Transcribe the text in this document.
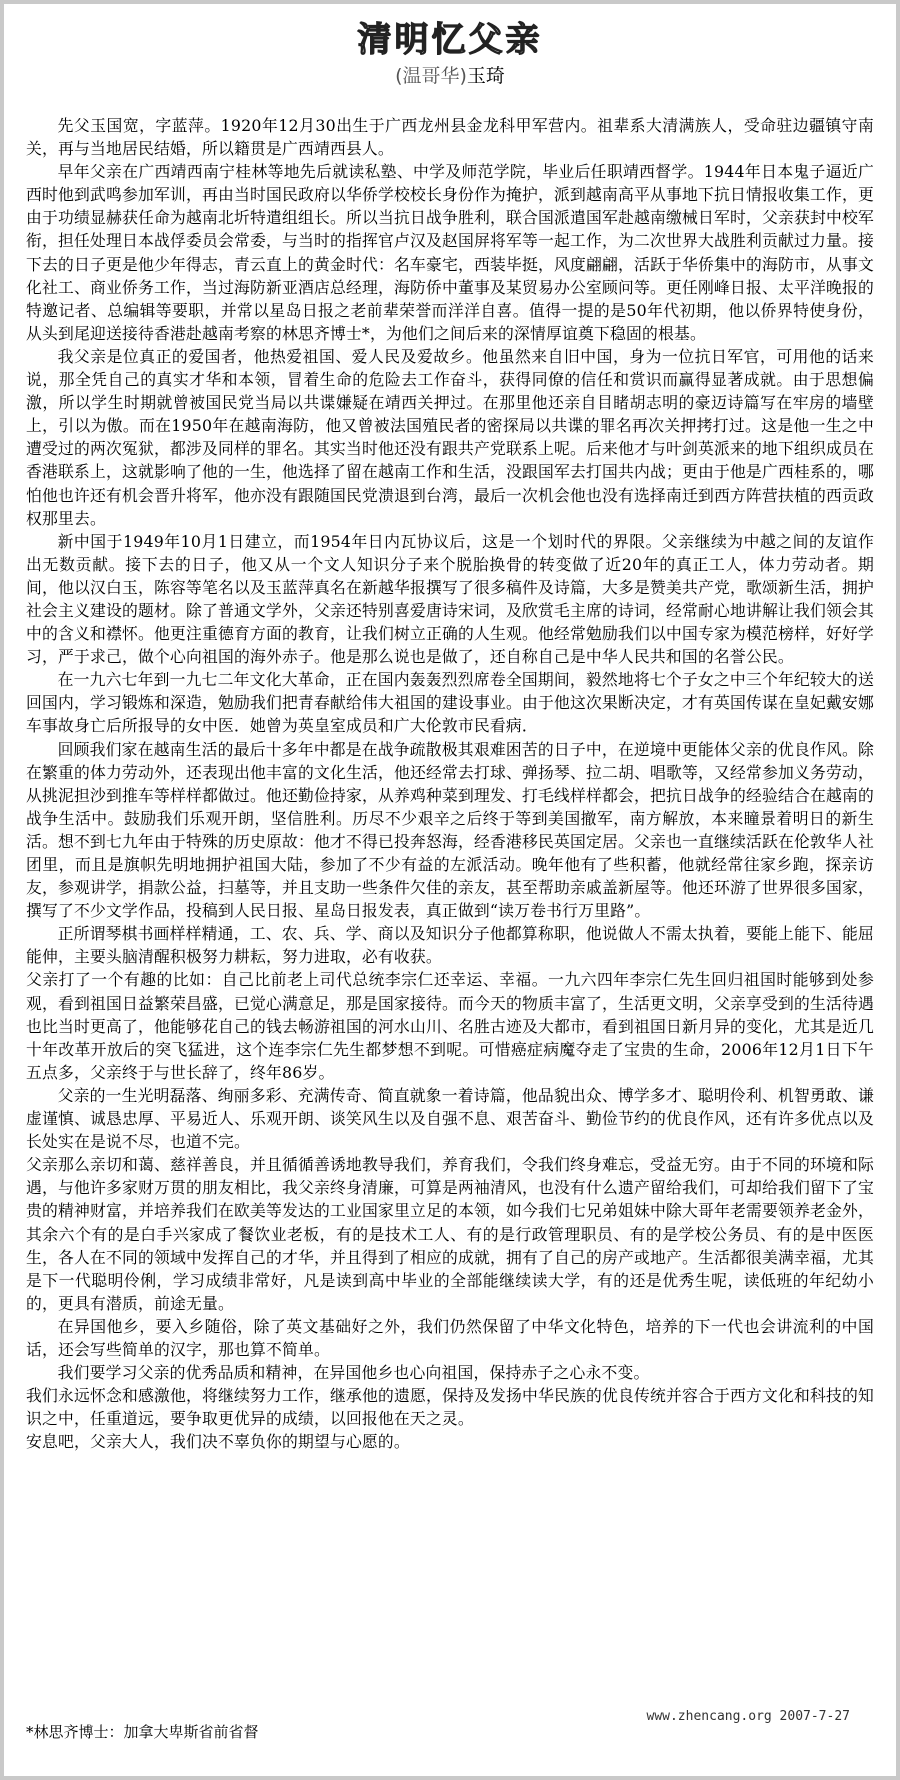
清明忆父亲
(温哥华)玉琦

先父玉国宽，字蓝萍。1920年12月30出生于广西龙州县金龙科甲军营内。祖辈系大清满族人，受命驻边疆镇守南关，再与当地居民结婚，所以籍贯是广西靖西县人。

早年父亲在广西靖西南宁桂林等地先后就读私塾、中学及师范学院，毕业后任职靖西督学。1944年日本鬼子逼近广西时他到武鸣参加军训，再由当时国民政府以华侨学校校长身份作为掩护，派到越南高平从事地下抗日情报收集工作，更由于功绩显赫获任命为越南北圻特遣组组长。所以当抗日战争胜利，联合国派遣国军赴越南缴械日军时，父亲获封中校军衔，担任处理日本战俘委员会常委，与当时的指挥官卢汉及赵国屏将军等一起工作，为二次世界大战胜利贡献过力量。接下去的日子更是他少年得志，青云直上的黄金时代：名车豪宅，西装毕挺，风度翩翩，活跃于华侨集中的海防市，从事文化社工、商业侨务工作，当过海防新亚酒店总经理，海防侨中董事及某贸易办公室顾问等。更任刚峰日报、太平洋晚报的特邀记者、总编辑等要职，并常以星岛日报之老前辈荣誉而洋洋自喜。值得一提的是50年代初期，他以侨界特使身份，从头到尾迎送接待香港赴越南考察的林思齐博士*，为他们之间后来的深情厚谊奠下稳固的根基。

我父亲是位真正的爱国者，他热爱祖国、爱人民及爱故乡。他虽然来自旧中国，身为一位抗日军官，可用他的话来说，那全凭自己的真实才华和本领，冒着生命的危险去工作奋斗，获得同僚的信任和赏识而赢得显著成就。由于思想偏激，所以学生时期就曾被国民党当局以共谍嫌疑在靖西关押过。在那里他还亲自目睹胡志明的豪迈诗篇写在牢房的墙壁上，引以为傲。而在1950年在越南海防，他又曾被法国殖民者的密探局以共谍的罪名再次关押拷打过。这是他一生之中遭受过的两次冤狱，都涉及同样的罪名。其实当时他还没有跟共产党联系上呢。后来他才与叶剑英派来的地下组织成员在香港联系上，这就影响了他的一生，他选择了留在越南工作和生活，没跟国军去打国共内战；更由于他是广西桂系的，哪怕他也许还有机会晋升将军，他亦没有跟随国民党溃退到台湾，最后一次机会他也没有选择南迁到西方阵营扶植的西贡政权那里去。

新中国于1949年10月1日建立，而1954年日内瓦协议后，这是一个划时代的界限。父亲继续为中越之间的友谊作出无数贡献。接下去的日子，他又从一个文人知识分子来个脱胎换骨的转变做了近20年的真正工人，体力劳动者。期间，他以汉白玉，陈容等笔名以及玉蓝萍真名在新越华报撰写了很多稿件及诗篇，大多是赞美共产党，歌颂新生活，拥护社会主义建设的题材。除了普通文学外，父亲还特别喜爱唐诗宋词，及欣赏毛主席的诗词，经常耐心地讲解让我们领会其中的含义和襟怀。他更注重德育方面的教育，让我们树立正确的人生观。他经常勉励我们以中国专家为模范榜样，好好学习，严于求己，做个心向祖国的海外赤子。他是那么说也是做了，还自称自己是中华人民共和国的名誉公民。

在一九六七年到一九七二年文化大革命，正在国内轰轰烈烈席卷全国期间，毅然地将七个子女之中三个年纪较大的送回国内，学习锻炼和深造，勉励我们把青春献给伟大祖国的建设事业。由于他这次果断决定，才有英国传谋在皇妃戴安娜车事故身亡后所报导的女中医．她曾为英皇室成员和广大伦敦市民看病．

回顾我们家在越南生活的最后十多年中都是在战争疏散极其艰难困苦的日子中，在逆境中更能体父亲的优良作风。除在繁重的体力劳动外，还表现出他丰富的文化生活，他还经常去打球、弹扬琴、拉二胡、唱歌等，又经常参加义务劳动，从挑泥担沙到推车等样样都做过。他还勤俭持家，从养鸡种菜到理发、打毛线样样都会，把抗日战争的经验结合在越南的战争生活中。鼓励我们乐观开朗，坚信胜利。历尽不少艰辛之后终于等到美国撤军，南方解放，本来瞳景着明日的新生活。想不到七九年由于特殊的历史原故：他才不得已投奔怒海，经香港移民英国定居。父亲也一直继续活跃在伦敦华人社团里，而且是旗帜先明地拥护祖国大陆，参加了不少有益的左派活动。晚年他有了些积蓄，他就经常往家乡跑，探亲访友，参观讲学，捐款公益，扫墓等，并且支助一些条件欠佳的亲友，甚至帮助亲戚盖新屋等。他还环游了世界很多国家，撰写了不少文学作品，投稿到人民日报、星岛日报发表，真正做到“读万卷书行万里路”。

正所谓琴棋书画样样精通，工、农、兵、学、商以及知识分子他都算称职，他说做人不需太执着，要能上能下、能屈能伸，主要头脑清醒积极努力耕耘，努力进取，必有收获。

父亲打了一个有趣的比如：自己比前老上司代总统李宗仁还幸运、幸福。一九六四年李宗仁先生回归祖国时能够到处参观，看到祖国日益繁荣昌盛，已觉心满意足，那是国家接待。而今天的物质丰富了，生活更文明，父亲享受到的生活待遇也比当时更高了，他能够花自己的钱去畅游祖国的河水山川、名胜古迹及大都市，看到祖国日新月异的变化，尤其是近几十年改革开放后的突飞猛进，这个连李宗仁先生都梦想不到呢。可惜癌症病魔夺走了宝贵的生命，2006年12月1日下午五点多，父亲终于与世长辞了，终年86岁。

父亲的一生光明磊落、绚丽多彩、充满传奇、简直就象一着诗篇，他品貌出众、博学多才、聪明伶利、机智勇敢、谦虚谨慎、诚恳忠厚、平易近人、乐观开朗、谈笑风生以及自强不息、艰苦奋斗、勤俭节约的优良作风，还有许多优点以及长处实在是说不尽，也道不完。

父亲那么亲切和蔼、慈祥善良，并且循循善诱地教导我们，养育我们，令我们终身难忘，受益无穷。由于不同的环境和际遇，与他许多家财万贯的朋友相比，我父亲终身清廉，可算是两袖清风，也没有什么遗产留给我们，可却给我们留下了宝贵的精神财富，并培养我们在欧美等发达的工业国家里立足的本领，如今我们七兄弟姐妹中除大哥年老需要领养老金外，其余六个有的是白手兴家成了餐饮业老板，有的是技术工人、有的是行政管理职员、有的是学校公务员、有的是中医医生，各人在不同的领域中发挥自己的才华，并且得到了相应的成就，拥有了自己的房产或地产。生活都很美满幸福，尤其是下一代聪明伶俐，学习成绩非常好，凡是读到高中毕业的全部能继续读大学，有的还是优秀生呢，读低班的年纪幼小的，更具有潜质，前途无量。

在异国他乡，要入乡随俗，除了英文基础好之外，我们仍然保留了中华文化特色，培养的下一代也会讲流利的中国话，还会写些简单的汉字，那也算不简单。

我们要学习父亲的优秀品质和精神，在异国他乡也心向祖国，保持赤子之心永不变。

我们永远怀念和感激他，将继续努力工作，继承他的遗愿，保持及发扬中华民族的优良传统并容合于西方文化和科技的知识之中，任重道远，要争取更优异的成绩，以回报他在天之灵。

安息吧，父亲大人，我们决不辜负你的期望与心愿的。

*林思齐博士：加拿大卑斯省前省督
www.zhencang.org 2007-7-27
